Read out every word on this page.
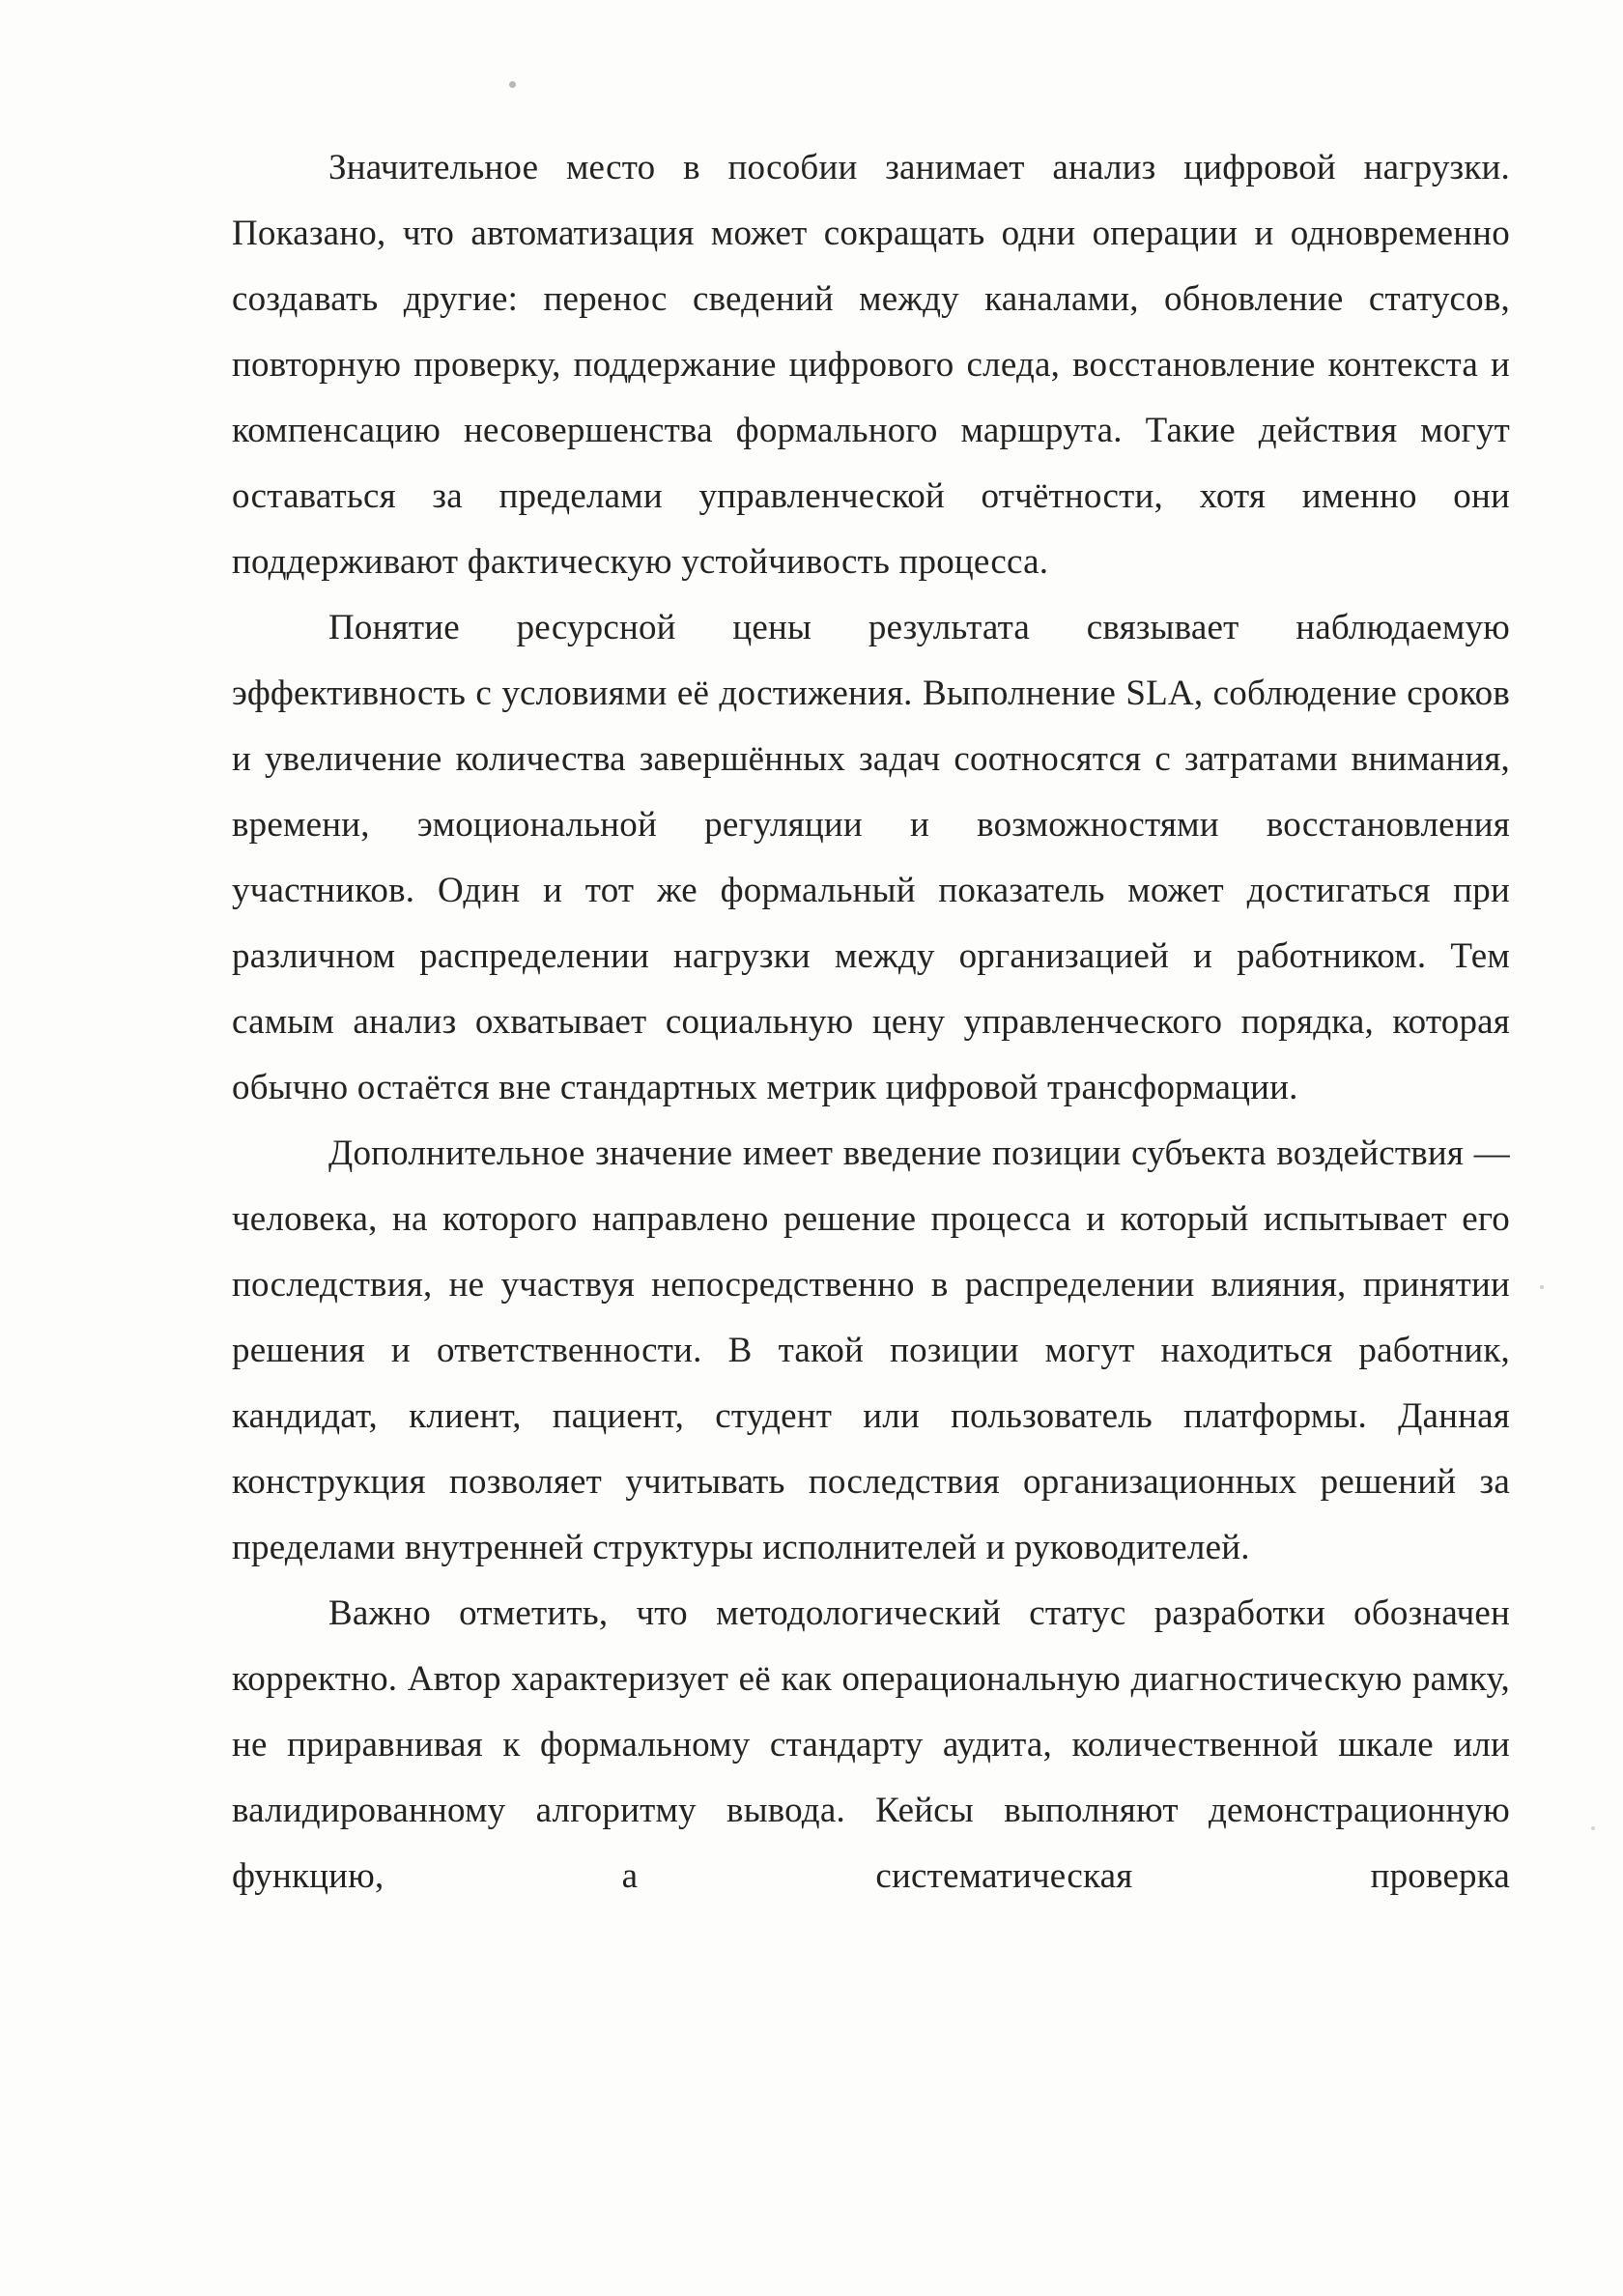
Значительное место в пособии занимает анализ цифровой нагрузки. Показано, что автоматизация может сокращать одни операции и одновременно создавать другие: перенос сведений между каналами, обновление статусов, повторную проверку, поддержание цифрового следа, восстановление контекста и компенсацию несовершенства формального маршрута. Такие действия могут оставаться за пределами управленческой отчётности, хотя именно они поддерживают фактическую устойчивость процесса.

Понятие ресурсной цены результата связывает наблюдаемую эффективность с условиями её достижения. Выполнение SLA, соблюдение сроков и увеличение количества завершённых задач соотносятся с затратами внимания, времени, эмоциональной регуляции и возможностями восстановления участников. Один и тот же формальный показатель может достигаться при различном распределении нагрузки между организацией и работником. Тем самым анализ охватывает социальную цену управленческого порядка, которая обычно остаётся вне стандартных метрик цифровой трансформации.

Дополнительное значение имеет введение позиции субъекта воздействия — человека, на которого направлено решение процесса и который испытывает его последствия, не участвуя непосредственно в распределении влияния, принятии решения и ответственности. В такой позиции могут находиться работник, кандидат, клиент, пациент, студент или пользователь платформы. Данная конструкция позволяет учитывать последствия организационных решений за пределами внутренней структуры исполнителей и руководителей.

Важно отметить, что методологический статус разработки обозначен корректно. Автор характеризует её как операциональную диагностическую рамку, не приравнивая к формальному стандарту аудита, количественной шкале или валидированному алгоритму вывода. Кейсы выполняют демонстрационную функцию, а систематическая проверка
